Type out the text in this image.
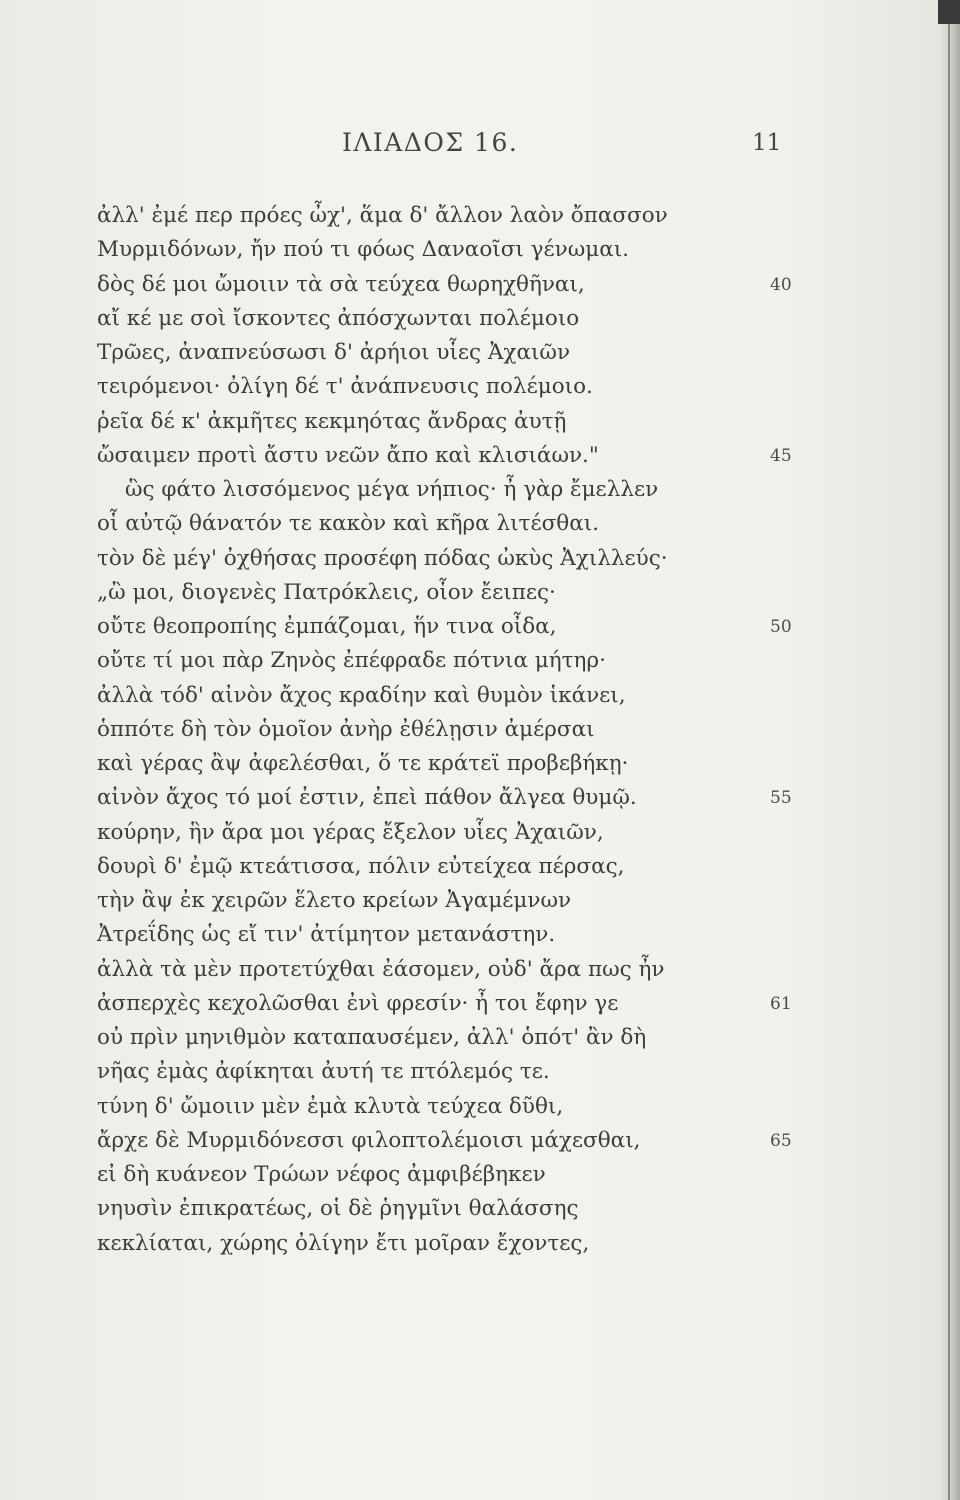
ΙΛΙΑΔΟΣ 16.	11
ἀλλ' ἐμέ περ πρόες ὦχ', ἅμα δ' ἄλλον λαὸν ὄπασσον
Μυρμιδόνων, ἤν πού τι φόως Δαναοῖσι γένωμαι.
δὸς δέ μοι ὤμοιιν τὰ σὰ τεύχεα θωρηχθῆναι,	40
αἴ κέ με σοὶ ἴσκοντες ἀπόσχωνται πολέμοιο
Τρῶες, ἀναπνεύσωσι δ' ἀρήιοι υἷες Ἀχαιῶν
τειρόμενοι· ὀλίγη δέ τ' ἀνάπνευσις πολέμοιο.
ῥεῖα δέ κ' ἀκμῆτες κεκμηότας ἄνδρας ἀυτῇ
ὤσαιμεν προτὶ ἄστυ νεῶν ἄπο καὶ κλισιάων."	45
ὣς φάτο λισσόμενος μέγα νήπιος· ἦ γὰρ ἔμελλεν
οἷ αὐτῷ θάνατόν τε κακὸν καὶ κῆρα λιτέσθαι.
τὸν δὲ μέγ' ὀχθήσας προσέφη πόδας ὠκὺς Ἀχιλλεύς·
„ὢ μοι, διογενὲς Πατρόκλεις, οἷον ἔειπες·
οὔτε θεοπροπίης ἐμπάζομαι, ἥν τινα οἶδα,	50
οὔτε τί μοι πὰρ Ζηνὸς ἐπέφραδε πότνια μήτηρ·
ἀλλὰ τόδ' αἰνὸν ἄχος κραδίην καὶ θυμὸν ἱκάνει,
ὁππότε δὴ τὸν ὁμοῖον ἀνὴρ ἐθέλῃσιν ἀμέρσαι
καὶ γέρας ἂψ ἀφελέσθαι, ὅ τε κράτεϊ προβεβήκῃ·
αἰνὸν ἄχος τό μοί ἐστιν, ἐπεὶ πάθον ἄλγεα θυμῷ.	55
κούρην, ἣν ἄρα μοι γέρας ἔξελον υἷες Ἀχαιῶν,
δουρὶ δ' ἐμῷ κτεάτισσα, πόλιν εὐτείχεα πέρσας,
τὴν ἂψ ἐκ χειρῶν ἕλετο κρείων Ἀγαμέμνων
Ἀτρεΐδης ὡς εἴ τιν' ἀτίμητον μετανάστην.
ἀλλὰ τὰ μὲν προτετύχθαι ἐάσομεν, οὐδ' ἄρα πως ἦν
ἀσπερχὲς κεχολῶσθαι ἐνὶ φρεσίν· ἦ τοι ἔφην γε	61
οὐ πρὶν μηνιθμὸν καταπαυσέμεν, ἀλλ' ὁπότ' ἂν δὴ
νῆας ἐμὰς ἀφίκηται ἀυτή τε πτόλεμός τε.
τύνη δ' ὤμοιιν μὲν ἐμὰ κλυτὰ τεύχεα δῦθι,
ἄρχε δὲ Μυρμιδόνεσσι φιλοπτολέμοισι μάχεσθαι,	65
εἰ δὴ κυάνεον Τρώων νέφος ἀμφιβέβηκεν
νηυσὶν ἐπικρατέως, οἱ δὲ ῥηγμῖνι θαλάσσης
κεκλίαται, χώρης ὀλίγην ἔτι μοῖραν ἔχοντες,
